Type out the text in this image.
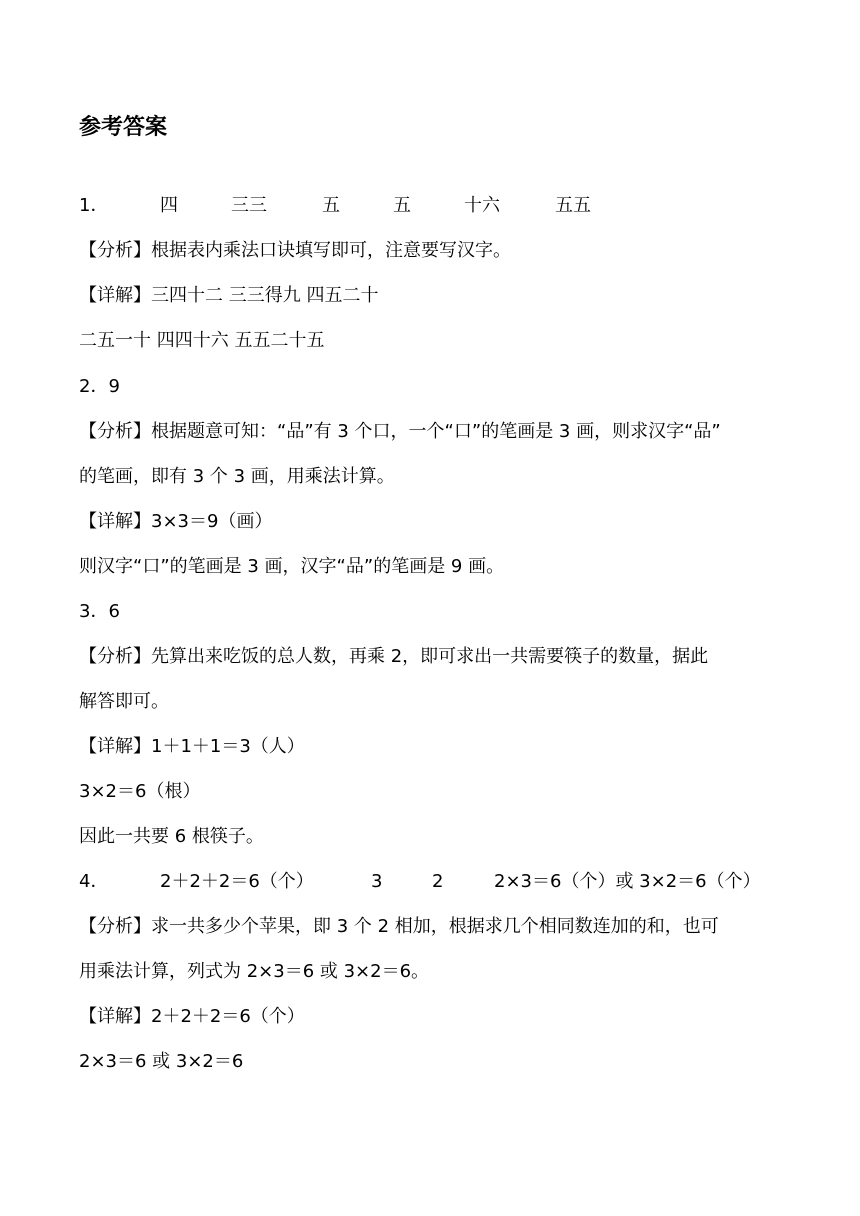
参考答案
1．	四	三三	五	五	十六	五五
【分析】根据表内乘法口诀填写即可，注意要写汉字。
【详解】三四十二 三三得九 四五二十
二五一十 四四十六 五五二十五
2．9
【分析】根据题意可知：“品”有 3 个口，一个“口”的笔画是 3 画，则求汉字“品”
的笔画，即有 3 个 3 画，用乘法计算。
【详解】3×3＝9（画）
则汉字“口”的笔画是 3 画，汉字“品”的笔画是 9 画。
3．6
【分析】先算出来吃饭的总人数，再乘 2，即可求出一共需要筷子的数量，据此
解答即可。
【详解】1＋1＋1＝3（人）
3×2＝6（根）
因此一共要 6 根筷子。
4．	2＋2＋2＝6（个）	3	2	2×3＝6（个）或 3×2＝6（个）
【分析】求一共多少个苹果，即 3 个 2 相加，根据求几个相同数连加的和，也可
用乘法计算，列式为 2×3＝6 或 3×2＝6。
【详解】2＋2＋2＝6（个）
2×3＝6 或 3×2＝6
